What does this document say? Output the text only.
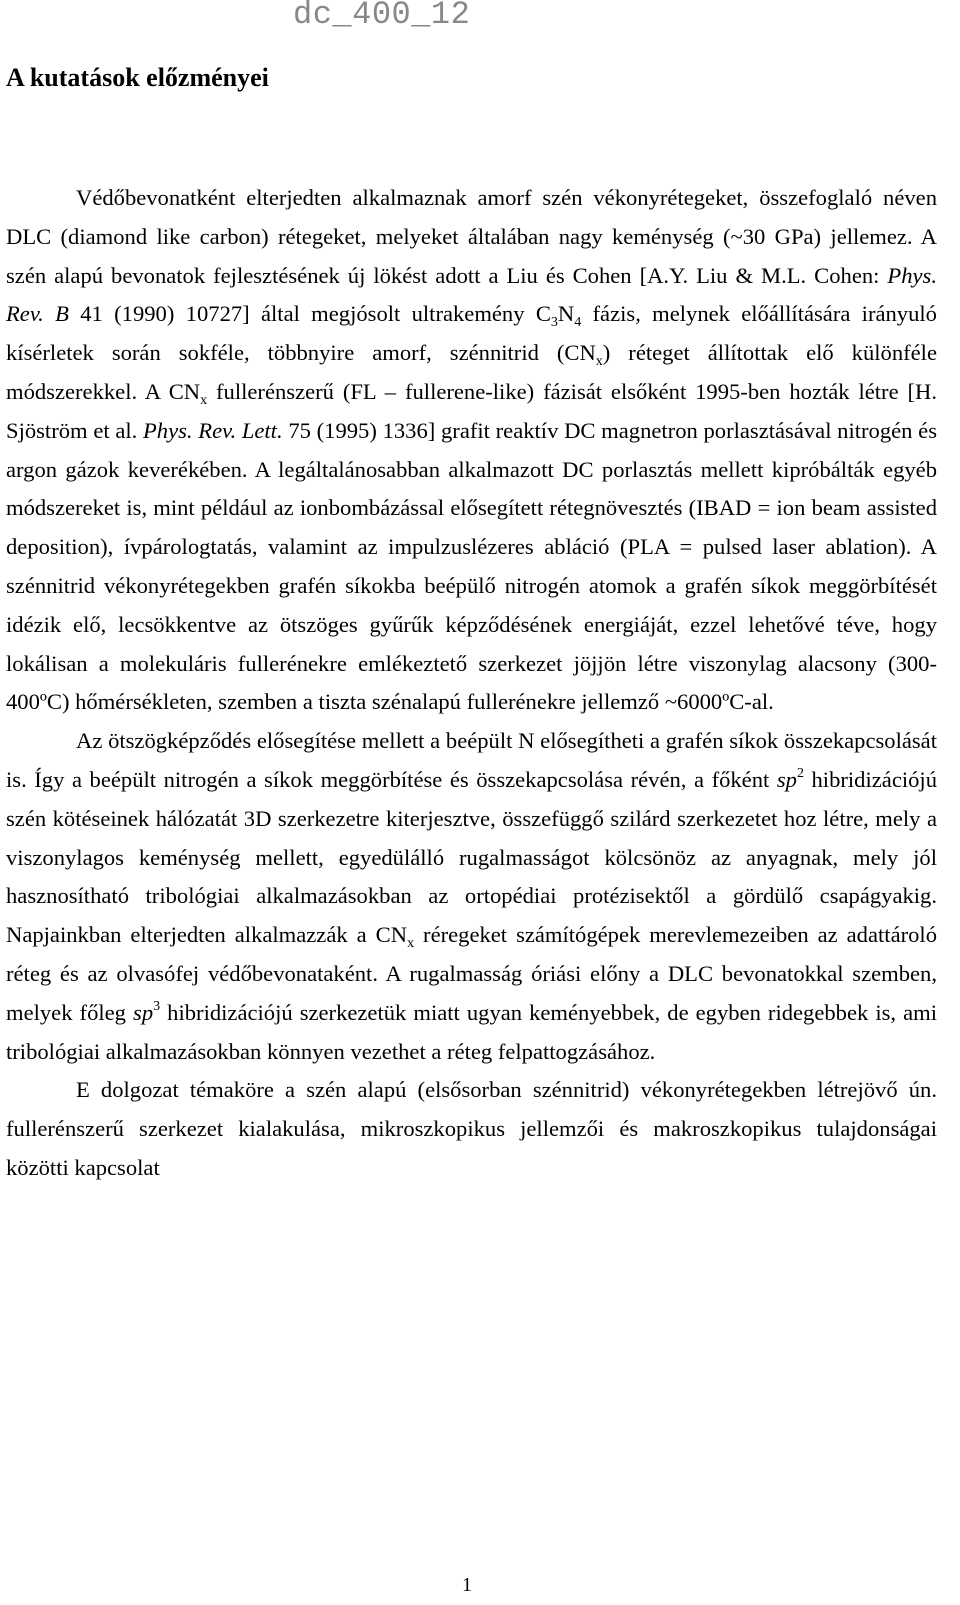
dc_400_12
A kutatások előzményei

Védőbevonatként elterjedten alkalmaznak amorf szén vékonyrétegeket, összefoglaló néven DLC (diamond like carbon) rétegeket, melyeket általában nagy keménység (~30 GPa) jellemez. A szén alapú bevonatok fejlesztésének új lökést adott a Liu és Cohen [A.Y. Liu & M.L. Cohen: Phys. Rev. B 41 (1990) 10727] által megjósolt ultrakemény $C_3N_4$ fázis, melynek előállítására irányuló kísérletek során sokféle, többnyire amorf, szénnitrid $(CN_x)$ réteget állítottak elő különféle módszerekkel. A $CN_x$ fullerénszerű (FL – fullerene-like) fázisát elsőként 1995-ben hozták létre [H. Sjöström et al. Phys. Rev. Lett. 75 (1995) 1336] grafit reaktív DC magnetron porlasztásával nitrogén és argon gázok keverékében. A legáltalánosabban alkalmazott DC porlasztás mellett kipróbálták egyéb módszereket is, mint például az ionbombázással elősegített rétegnövesztés (IBAD = ion beam assisted deposition), ívpárologtatás, valamint az impulzuslézeres abláció (PLA = pulsed laser ablation). A szénnitrid vékonyrétegekben grafén síkokba beépülő nitrogén atomok a grafén síkok meggörbítését idézik elő, lecsökkentve az ötszöges gyűrűk képződésének energiáját, ezzel lehetővé téve, hogy lokálisan a molekuláris fullerénekre emlékeztető szerkezet jöjjön létre viszonylag alacsony (300-400ºC) hőmérsékleten, szemben a tiszta szénalapú fullerénekre jellemző ~6000ºC-al.

Az ötszögképződés elősegítése mellett a beépült N elősegítheti a grafén síkok összekapcsolását is. Így a beépült nitrogén a síkok meggörbítése és összekapcsolása révén, a főként $sp^2$ hibridizációjú szén kötéseinek hálózatát 3D szerkezetre kiterjesztve, összefüggő szilárd szerkezetet hoz létre, mely a viszonylagos keménység mellett, egyedülálló rugalmasságot kölcsönöz az anyagnak, mely jól hasznosítható tribológiai alkalmazásokban az ortopédiai protézisektől a gördülő csapágyakig. Napjainkban elterjedten alkalmazzák a $CN_x$ réregeket számítógépek merevlemezeiben az adattároló réteg és az olvasófej védőbevonataként. A rugalmasság óriási előny a DLC bevonatokkal szemben, melyek főleg $sp^3$ hibridizációjú szerkezetük miatt ugyan keményebbek, de egyben ridegebbek is, ami tribológiai alkalmazásokban könnyen vezethet a réteg felpattogzásához.

E dolgozat témaköre a szén alapú (elsősorban szénnitrid) vékonyrétegekben létrejövő ún. fullerénszerű szerkezet kialakulása, mikroszkopikus jellemzői és makroszkopikus tulajdonságai közötti kapcsolat

1
